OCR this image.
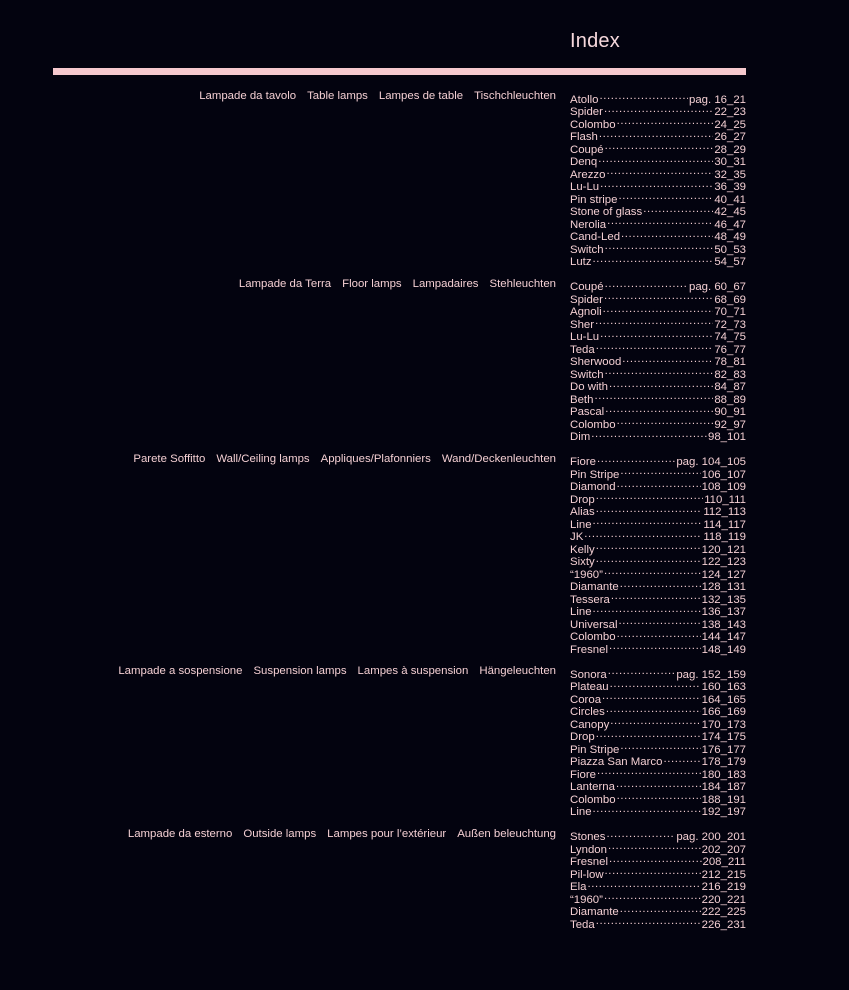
Index
Lampade da tavolo Table lamps Lampes de table Tischchleuchten Atollo .....	pag. 16_21
Spider .....	22_23
Colombo .....	24_25
Flash .....	26_27
Coupé .....	28_29
Denq .....	30_31
Arezzo .....	32_35
Lu-Lu .....	36_39
Pin stripe .....	40_41
Stone of glass .....	42_45
Nerolia .....	46_47
Cand-Led .....	48_49
Switch .....	50_53
Lutz .....	54_57
Lampade da Terra Floor lamps Lampadaires Stehleuchten Coupé .....	pag. 60_67
Spider .....	68_69
Agnoli .....	70_71
Sher .....	72_73
Lu-Lu .....	74_75
Teda .....	76_77
Sherwood .....	78_81
Switch .....	82_83
Do with .....	84_87
Beth .....	88_89
Pascal .....	90_91
Colombo .....	92_97
Dim .....	98_101
Parete Soffitto Wall/Ceiling lamps Appliques/Plafonniers Wand/Deckenleuchten Fiore .....	pag. 104_105
Pin Stripe .....	106_107
Diamond .....	108_109
Drop .....	110_111
Alias .....	112_113
Line .....	114_117
JK .....	118_119
Kelly .....	120_121
Sixty .....	122_123
“1960” .....	124_127
Diamante .....	128_131
Tessera .....	132_135
Line .....	136_137
Universal .....	138_143
Colombo .....	144_147
Fresnel .....	148_149
Lampade a sospensione Suspension lamps Lampes à suspension Hängeleuchten Sonora .....	pag. 152_159
Plateau .....	160_163
Coroa .....	164_165
Circles .....	166_169
Canopy .....	170_173
Drop .....	174_175
Pin Stripe .....	176_177
Piazza San Marco .....	178_179
Fiore .....	180_183
Lanterna .....	184_187
Colombo .....	188_191
Line .....	192_197
Lampade da esterno Outside lamps Lampes pour l’extérieur Außen beleuchtung Stones .....	pag. 200_201
Lyndon .....	202_207
Fresnel .....	208_211
Pil-low .....	212_215
Ela .....	216_219
“1960” .....	220_221
Diamante .....	222_225
Teda .....	226_231
